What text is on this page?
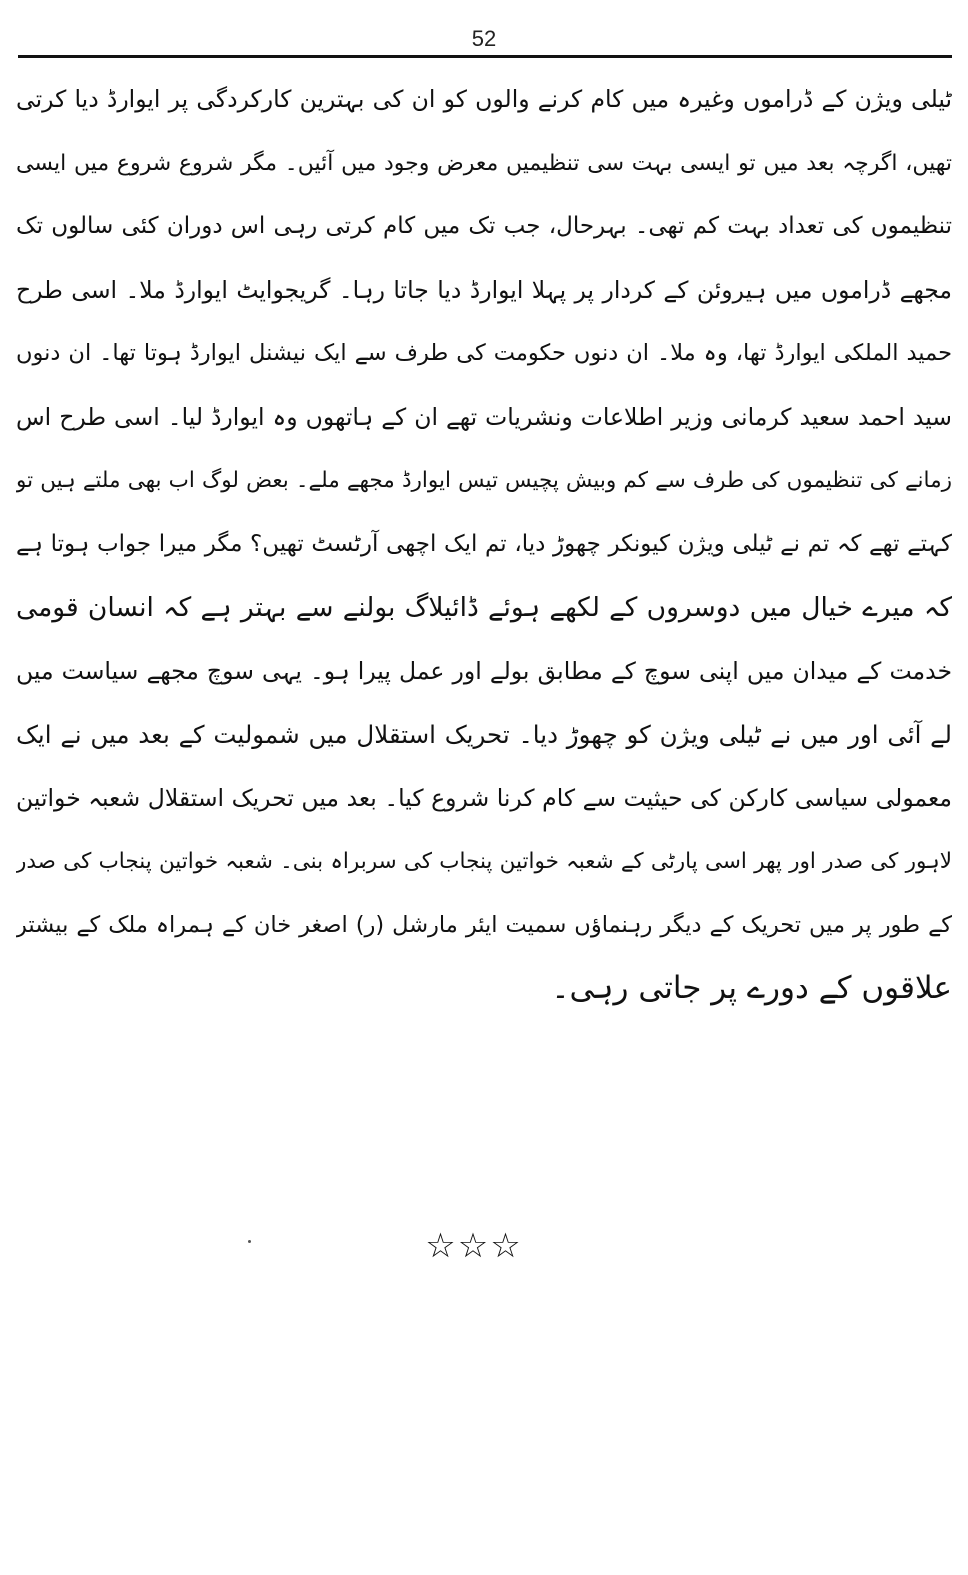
52
ٹیلی ویژن کے ڈراموں وغیرہ میں کام کرنے والوں کو ان کی بہترین کارکردگی پر ایوارڈ دیا کرتی
تھیں، اگرچہ بعد میں تو ایسی بہت سی تنظیمیں معرض وجود میں آئیں۔ مگر شروع شروع میں ایسی
تنظیموں کی تعداد بہت کم تھی۔ بہرحال، جب تک میں کام کرتی رہی اس دوران کئی سالوں تک
مجھے ڈراموں میں ہیروئن کے کردار پر پہلا ایوارڈ دیا جاتا رہا۔ گریجوایٹ ایوارڈ ملا۔ اسی طرح
حمید الملکی ایوارڈ تھا، وہ ملا۔ ان دنوں حکومت کی طرف سے ایک نیشنل ایوارڈ ہوتا تھا۔ ان دنوں
سید احمد سعید کرمانی وزیر اطلاعات ونشریات تھے ان کے ہاتھوں وہ ایوارڈ لیا۔ اسی طرح اس
زمانے کی تنظیموں کی طرف سے کم وبیش پچیس تیس ایوارڈ مجھے ملے۔ بعض لوگ اب بھی ملتے ہیں تو
کہتے تھے کہ تم نے ٹیلی ویژن کیونکر چھوڑ دیا، تم ایک اچھی آرٹسٹ تھیں؟ مگر میرا جواب ہوتا ہے
کہ میرے خیال میں دوسروں کے لکھے ہوئے ڈائیلاگ بولنے سے بہتر ہے کہ انسان قومی
خدمت کے میدان میں اپنی سوچ کے مطابق بولے اور عمل پیرا ہو۔ یہی سوچ مجھے سیاست میں
لے آئی اور میں نے ٹیلی ویژن کو چھوڑ دیا۔ تحریک استقلال میں شمولیت کے بعد میں نے ایک
معمولی سیاسی کارکن کی حیثیت سے کام کرنا شروع کیا۔ بعد میں تحریک استقلال شعبہ خواتین
لاہور کی صدر اور پھر اسی پارٹی کے شعبہ خواتین پنجاب کی سربراہ بنی۔ شعبہ خواتین پنجاب کی صدر
کے طور پر میں تحریک کے دیگر رہنماؤں سمیت ایئر مارشل (ر) اصغر خان کے ہمراہ ملک کے بیشتر
علاقوں کے دورے پر جاتی رہی۔
☆☆☆
